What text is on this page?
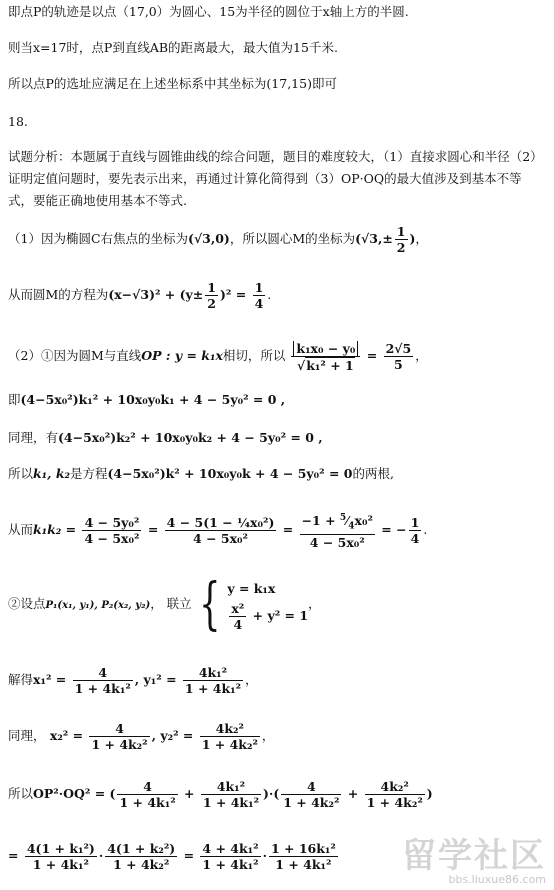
即点P的轨迹是以点（17,0）为圆心、15为半径的圆位于x轴上方的半圆.
则当x=17时，点P到直线AB的距离最大，最大值为15千米.
所以点P的选址应满足在上述坐标系中其坐标为(17,15)即可
18.
试题分析：本题属于直线与圆锥曲线的综合问题，题目的难度较大，（1）直接求圆心和半径（2）证明定值问题时，要先表示出来，再通过计算化简得到（3）OP·OQ的最大值涉及到基本不等式，要能正确地使用基本不等式.
（1）因为椭圆C右焦点的坐标为(√3,0)，所以圆心M的坐标为($√3,\pm \frac{1}{2}$ )，
从而圆M的方程为$(x-√3)^2 + (y\pm \frac{1}{2} )^2 = \frac{1}{4}$ .
（2）①因为圆M与直线OP : y = k₁x相切，所以 $\frac{\text{k₁x₀ − y₀}}{\text{√k₁² + 1}} = \frac{2√5}{5}$ ，
即(4−5x₀²)k₁² + 10x₀y₀k₁ + 4 − 5y₀² = 0 ,
同理，有(4−5x₀²)k₂² + 10x₀y₀k₂ + 4 − 5y₀² = 0 ,
所以k₁, k₂是方程(4−5x₀²)k² + 10x₀y₀k + 4 − 5y₀² = 0的两根,
从而$k_1k_2 = \frac{\text{4 − 5y₀²}}{\text{4 − 5x₀²}} = \frac{\text{4 − 5(1 − ¼x₀²)}}{\text{4 − 5x₀²}} = \frac{-1 + ^5⁄_4x_0^2}{\text{4 − 5x₀²}}$ = − $\frac{1}{4}$ .
②设点P₁(x₁, y₁), P₂(x₂, y₂)， 联立 { y = k₁x
$\frac{\text{x²}}{4} + y^2 = 1$
，
解得$x_1^2 = \frac{4}{\text{1 + 4k₁²}}$ , $y_1^2 = \frac{\text{4k₁²}}{\text{1 + 4k₁²}}$ ，
同理， $x_2^2 = \frac{4}{\text{1 + 4k₂²}}$ , $y_2^2 = \frac{\text{4k₂²}}{\text{1 + 4k₂²}}$ ，
所以OP²·OQ² = ( $\frac{4}{\text{1 + 4k₁²}} + \frac{\text{4k₁²}}{\text{1 + 4k₁²}}$ )·( $\frac{4}{\text{1 + 4k₂²}} + \frac{\text{4k₂²}}{\text{1 + 4k₂²}}$ )
= $\frac{\text{4(1 + k₁²)}}{\text{1 + 4k₁²}} \cdot \frac{\text{4(1 + k₂²)}}{\text{1 + 4k₂²}} = \frac{\text{4 + 4k₁²}}{\text{1 + 4k₁²}} \cdot \frac{\text{1 + 16k₁²}}{\text{1 + 4k₁²}}$ 留学社区
bbs.liuxue86.com
